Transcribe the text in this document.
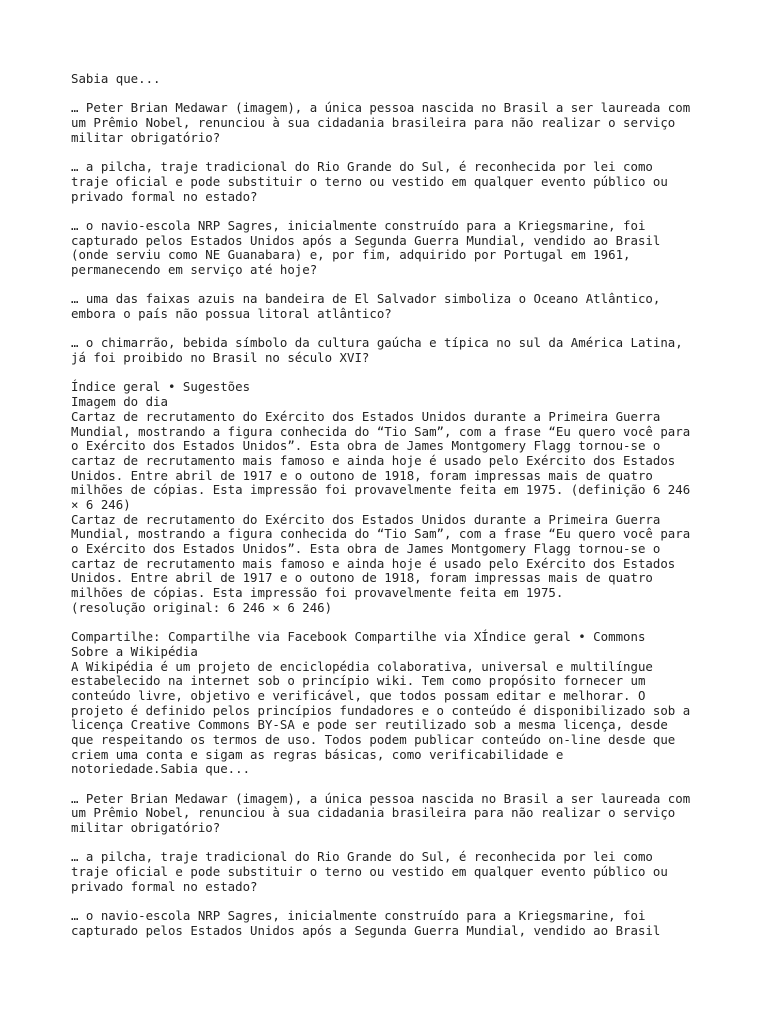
Sabia que...
… Peter Brian Medawar (imagem), a única pessoa nascida no Brasil a ser laureada com
um Prêmio Nobel, renunciou à sua cidadania brasileira para não realizar o serviço
militar obrigatório?
… a pilcha, traje tradicional do Rio Grande do Sul, é reconhecida por lei como
traje oficial e pode substituir o terno ou vestido em qualquer evento público ou
privado formal no estado?
… o navio-escola NRP Sagres, inicialmente construído para a Kriegsmarine, foi
capturado pelos Estados Unidos após a Segunda Guerra Mundial, vendido ao Brasil
(onde serviu como NE Guanabara) e, por fim, adquirido por Portugal em 1961,
permanecendo em serviço até hoje?
… uma das faixas azuis na bandeira de El Salvador simboliza o Oceano Atlântico,
embora o país não possua litoral atlântico?
… o chimarrão, bebida símbolo da cultura gaúcha e típica no sul da América Latina,
já foi proibido no Brasil no século XVI?
Índice geral • Sugestões
Imagem do dia
Cartaz de recrutamento do Exército dos Estados Unidos durante a Primeira Guerra
Mundial, mostrando a figura conhecida do “Tio Sam”, com a frase “Eu quero você para
o Exército dos Estados Unidos”. Esta obra de James Montgomery Flagg tornou-se o
cartaz de recrutamento mais famoso e ainda hoje é usado pelo Exército dos Estados
Unidos. Entre abril de 1917 e o outono de 1918, foram impressas mais de quatro
milhões de cópias. Esta impressão foi provavelmente feita em 1975. (definição 6 246
× 6 246)
Cartaz de recrutamento do Exército dos Estados Unidos durante a Primeira Guerra
Mundial, mostrando a figura conhecida do “Tio Sam”, com a frase “Eu quero você para
o Exército dos Estados Unidos”. Esta obra de James Montgomery Flagg tornou-se o
cartaz de recrutamento mais famoso e ainda hoje é usado pelo Exército dos Estados
Unidos. Entre abril de 1917 e o outono de 1918, foram impressas mais de quatro
milhões de cópias. Esta impressão foi provavelmente feita em 1975.
(resolução original: 6 246 × 6 246)
Compartilhe: Compartilhe via Facebook Compartilhe via XÍndice geral • Commons
Sobre a Wikipédia
A Wikipédia é um projeto de enciclopédia colaborativa, universal e multilíngue
estabelecido na internet sob o princípio wiki. Tem como propósito fornecer um
conteúdo livre, objetivo e verificável, que todos possam editar e melhorar. O
projeto é definido pelos princípios fundadores e o conteúdo é disponibilizado sob a
licença Creative Commons BY-SA e pode ser reutilizado sob a mesma licença, desde
que respeitando os termos de uso. Todos podem publicar conteúdo on-line desde que
criem uma conta e sigam as regras básicas, como verificabilidade e
notoriedade.Sabia que...
… Peter Brian Medawar (imagem), a única pessoa nascida no Brasil a ser laureada com
um Prêmio Nobel, renunciou à sua cidadania brasileira para não realizar o serviço
militar obrigatório?
… a pilcha, traje tradicional do Rio Grande do Sul, é reconhecida por lei como
traje oficial e pode substituir o terno ou vestido em qualquer evento público ou
privado formal no estado?
… o navio-escola NRP Sagres, inicialmente construído para a Kriegsmarine, foi
capturado pelos Estados Unidos após a Segunda Guerra Mundial, vendido ao Brasil
